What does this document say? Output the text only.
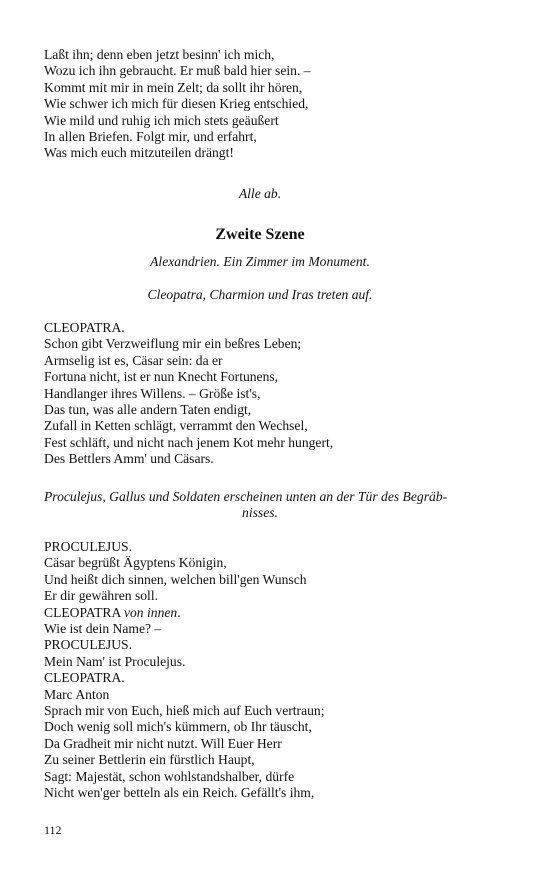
Laßt ihn; denn eben jetzt besinn' ich mich,
Wozu ich ihn gebraucht. Er muß bald hier sein. –
Kommt mit mir in mein Zelt; da sollt ihr hören,
Wie schwer ich mich für diesen Krieg entschied,
Wie mild und ruhig ich mich stets geäußert
In allen Briefen. Folgt mir, und erfahrt,
Was mich euch mitzuteilen drängt!
Alle ab.
Zweite Szene
Alexandrien. Ein Zimmer im Monument.
Cleopatra, Charmion und Iras treten auf.
CLEOPATRA.
Schon gibt Verzweiflung mir ein beßres Leben;
Armselig ist es, Cäsar sein: da er
Fortuna nicht, ist er nun Knecht Fortunens,
Handlanger ihres Willens. – Größe ist's,
Das tun, was alle andern Taten endigt,
Zufall in Ketten schlägt, verrammt den Wechsel,
Fest schläft, und nicht nach jenem Kot mehr hungert,
Des Bettlers Amm' und Cäsars.
Proculejus, Gallus und Soldaten erscheinen unten an der Tür des Begräb-
nisses.
PROCULEJUS.
Cäsar begrüßt Ägyptens Königin,
Und heißt dich sinnen, welchen bill'gen Wunsch
Er dir gewähren soll.
CLEOPATRA von innen.
Wie ist dein Name? –
PROCULEJUS.
Mein Nam' ist Proculejus.
CLEOPATRA.
Marc Anton
Sprach mir von Euch, hieß mich auf Euch vertraun;
Doch wenig soll mich's kümmern, ob Ihr täuscht,
Da Gradheit mir nicht nutzt. Will Euer Herr
Zu seiner Bettlerin ein fürstlich Haupt,
Sagt: Majestät, schon wohlstandshalber, dürfe
Nicht wen'ger betteln als ein Reich. Gefällt's ihm,
112
